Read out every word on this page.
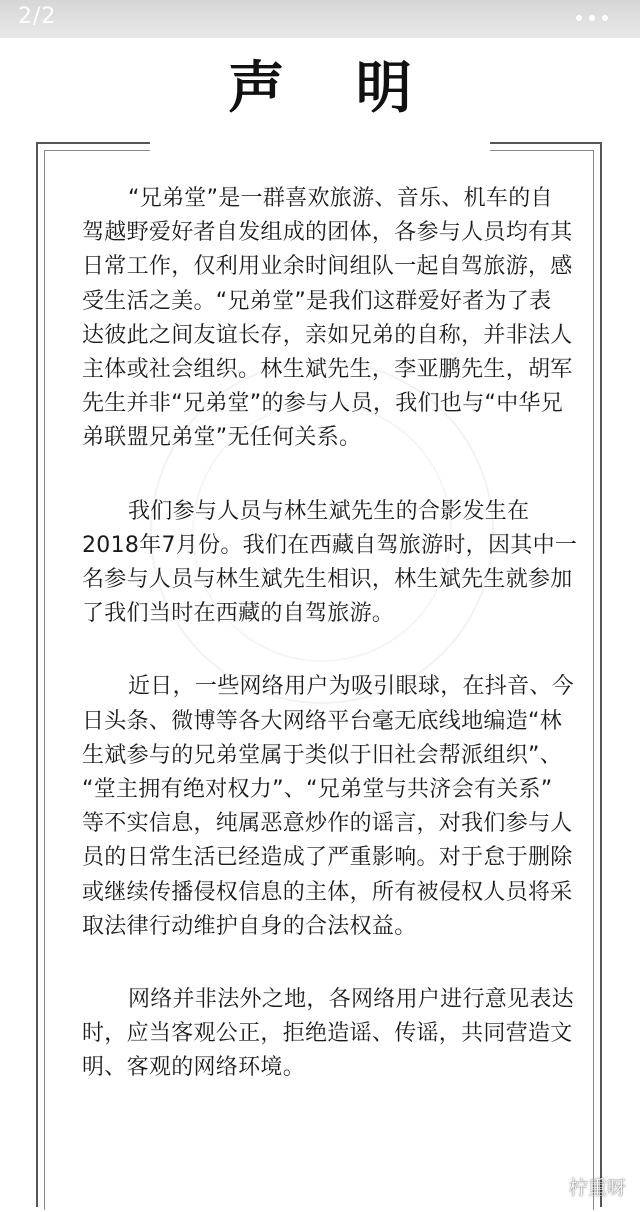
2/2
声 明
“兄弟堂”是一群喜欢旅游、音乐、机车的自
驾越野爱好者自发组成的团体，各参与人员均有其
日常工作，仅利用业余时间组队一起自驾旅游，感
受生活之美。“兄弟堂”是我们这群爱好者为了表
达彼此之间友谊长存，亲如兄弟的自称，并非法人
主体或社会组织。林生斌先生，李亚鹏先生，胡军
先生并非“兄弟堂”的参与人员，我们也与“中华兄
弟联盟兄弟堂”无任何关系。
我们参与人员与林生斌先生的合影发生在
2018年7月份。我们在西藏自驾旅游时，因其中一
名参与人员与林生斌先生相识，林生斌先生就参加
了我们当时在西藏的自驾旅游。
近日，一些网络用户为吸引眼球，在抖音、今
日头条、微博等各大网络平台毫无底线地编造“林
生斌参与的兄弟堂属于类似于旧社会帮派组织”、
“堂主拥有绝对权力”、“兄弟堂与共济会有关系”
等不实信息，纯属恶意炒作的谣言，对我们参与人
员的日常生活已经造成了严重影响。对于怠于删除
或继续传播侵权信息的主体，所有被侵权人员将采
取法律行动维护自身的合法权益。
网络并非法外之地，各网络用户进行意见表达
时，应当客观公正，拒绝造谣、传谣，共同营造文
明、客观的网络环境。
柠重呀
